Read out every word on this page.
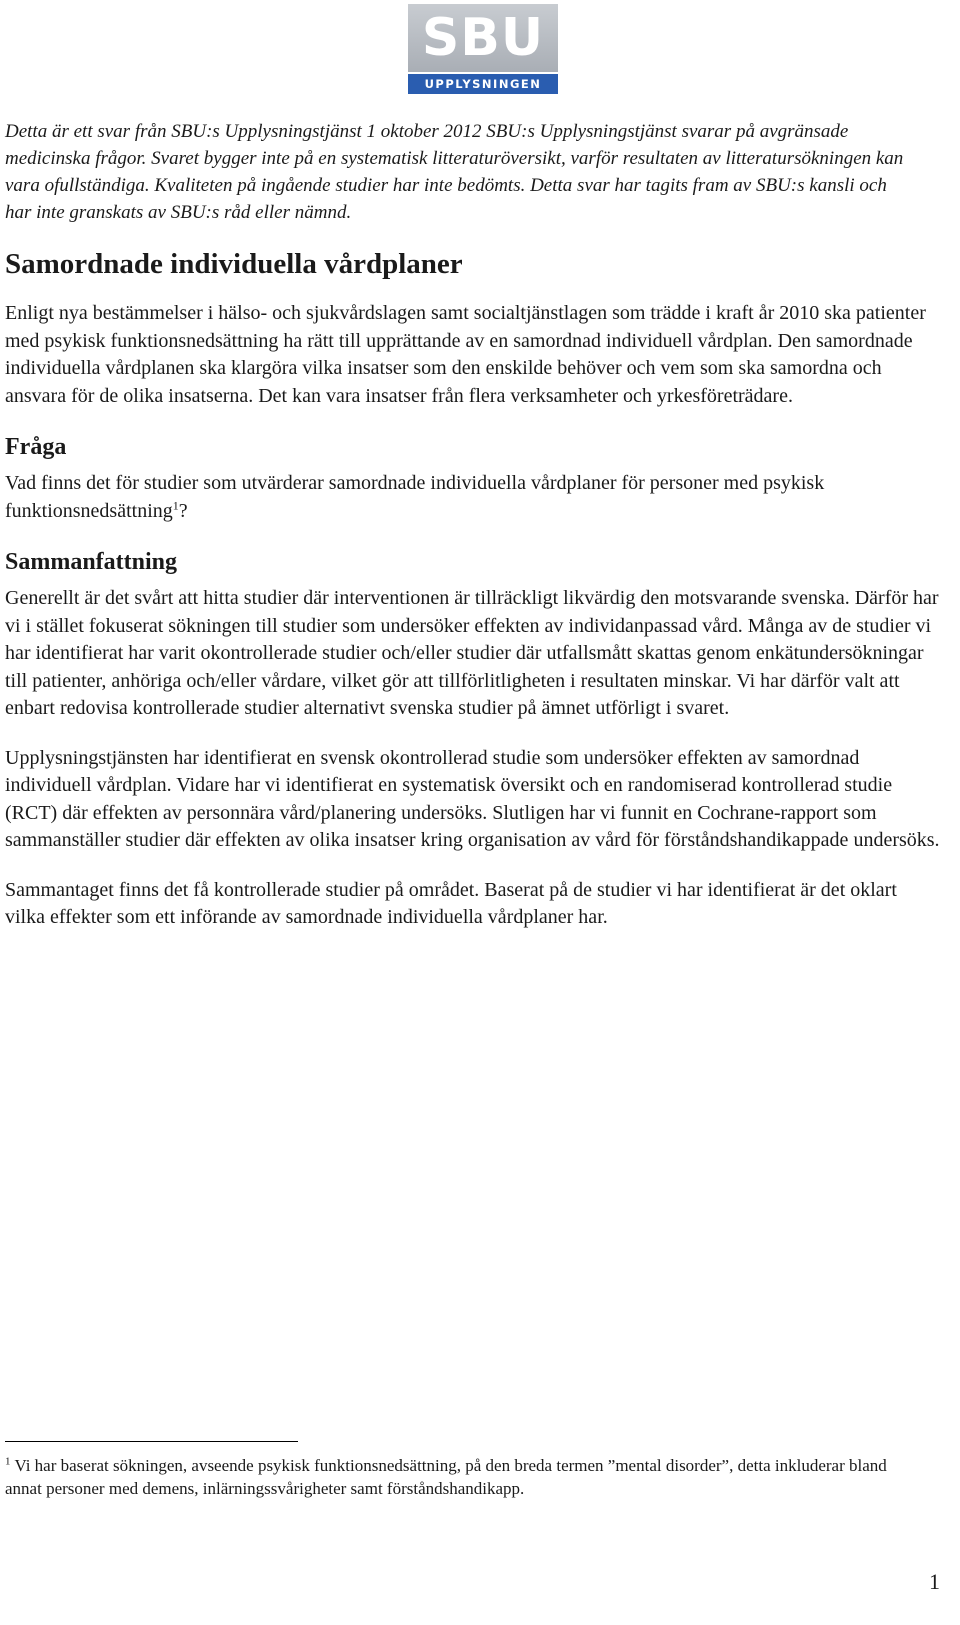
SBU
UPPLYSNINGEN

Detta är ett svar från SBU:s Upplysningstjänst 1 oktober 2012 SBU:s Upplysningstjänst svarar på avgränsade medicinska frågor. Svaret bygger inte på en systematisk litteraturöversikt, varför resultaten av litteratursökningen kan vara ofullständiga. Kvaliteten på ingående studier har inte bedömts. Detta svar har tagits fram av SBU:s kansli och har inte granskats av SBU:s råd eller nämnd.

Samordnade individuella vårdplaner

Enligt nya bestämmelser i hälso- och sjukvårdslagen samt socialtjänstlagen som trädde i kraft år 2010 ska patienter med psykisk funktionsnedsättning ha rätt till upprättande av en samordnad individuell vårdplan. Den samordnade individuella vårdplanen ska klargöra vilka insatser som den enskilde behöver och vem som ska samordna och ansvara för de olika insatserna. Det kan vara insatser från flera verksamheter och yrkesföreträdare.

Fråga

Vad finns det för studier som utvärderar samordnade individuella vårdplaner för personer med psykisk funktionsnedsättning$^1$?

Sammanfattning

Generellt är det svårt att hitta studier där interventionen är tillräckligt likvärdig den motsvarande svenska. Därför har vi i stället fokuserat sökningen till studier som undersöker effekten av individanpassad vård. Många av de studier vi har identifierat har varit okontrollerade studier och/eller studier där utfallsmått skattas genom enkätundersökningar till patienter, anhöriga och/eller vårdare, vilket gör att tillförlitligheten i resultaten minskar. Vi har därför valt att enbart redovisa kontrollerade studier alternativt svenska studier på ämnet utförligt i svaret.

Upplysningstjänsten har identifierat en svensk okontrollerad studie som undersöker effekten av samordnad individuell vårdplan. Vidare har vi identifierat en systematisk översikt och en randomiserad kontrollerad studie (RCT) där effekten av personnära vård/planering undersöks. Slutligen har vi funnit en Cochrane-rapport som sammanställer studier där effekten av olika insatser kring organisation av vård för förståndshandikappade undersöks.

Sammantaget finns det få kontrollerade studier på området. Baserat på de studier vi har identifierat är det oklart vilka effekter som ett införande av samordnade individuella vårdplaner har.

$^1$ Vi har baserat sökningen, avseende psykisk funktionsnedsättning, på den breda termen ”mental disorder”, detta inkluderar bland annat personer med demens, inlärningssvårigheter samt förståndshandikapp.

1
